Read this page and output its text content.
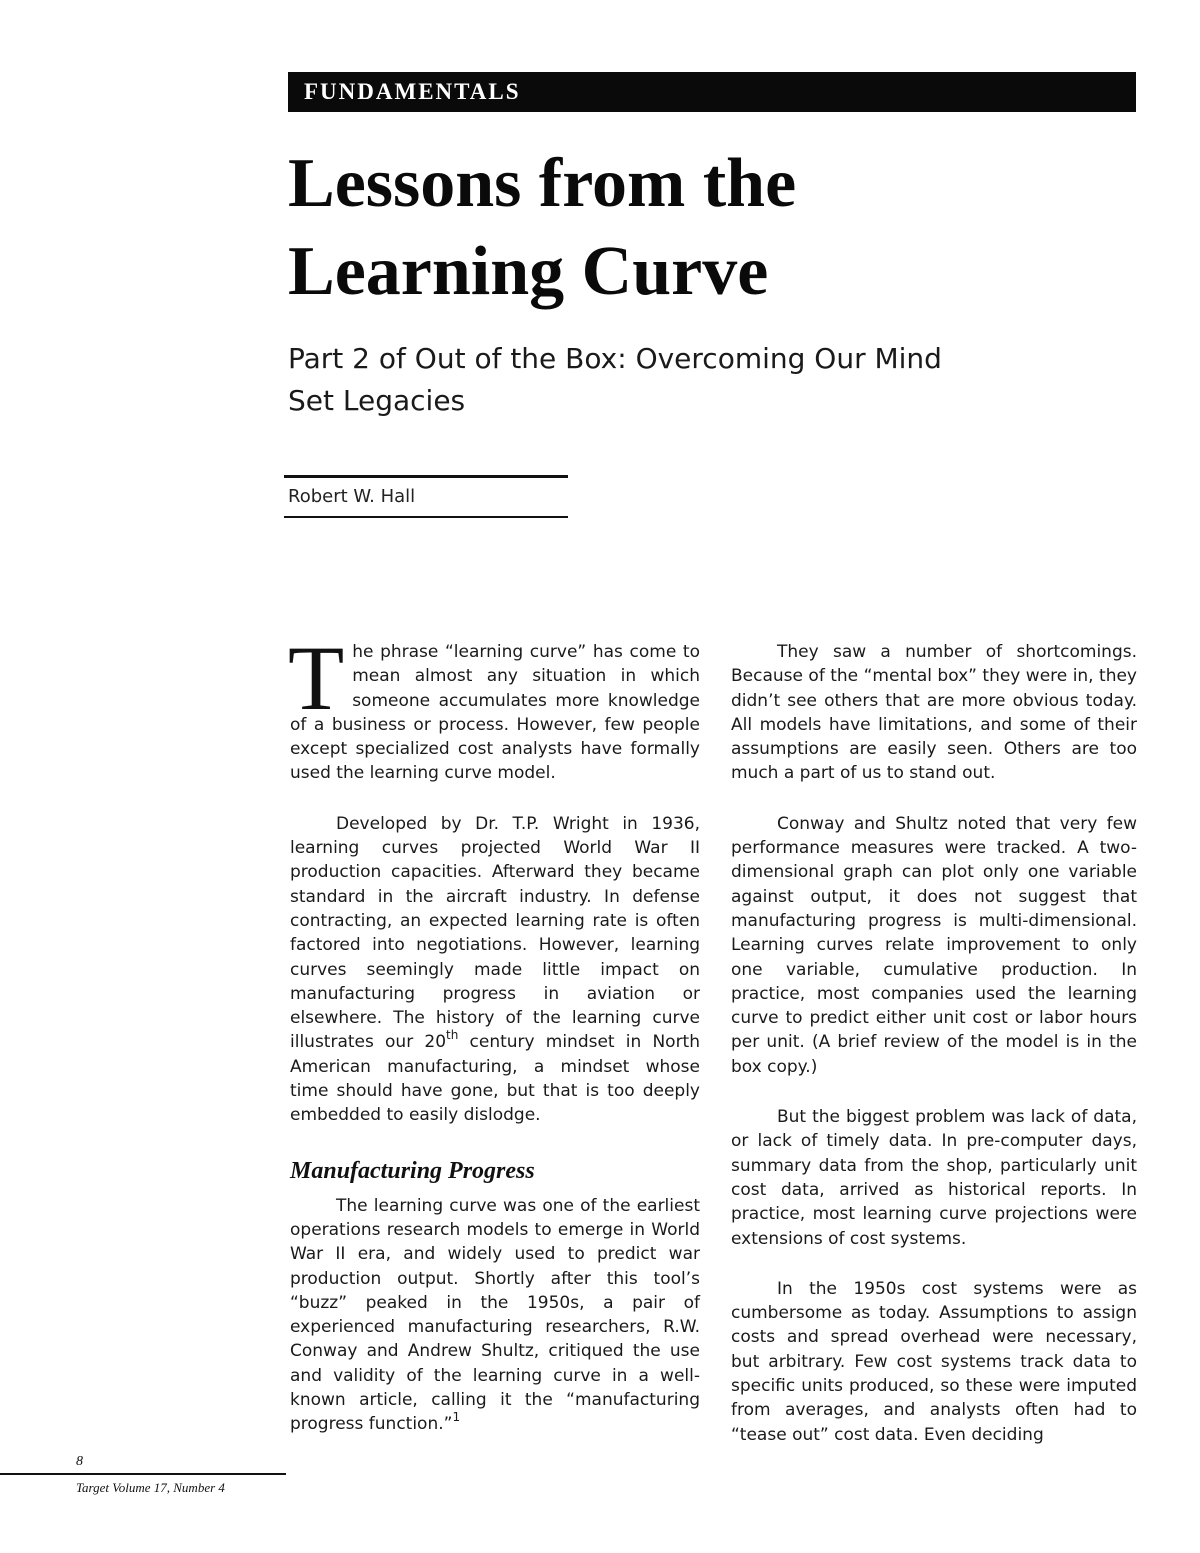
FUNDAMENTALS
Lessons from the
Learning Curve
Part 2 of Out of the Box: Overcoming Our Mind
Set Legacies
Robert W. Hall

The phrase “learning curve” has come to mean almost any situation in which someone accumulates more knowledge of a business or process. However, few people except specialized cost analysts have formally used the learning curve model.

Developed by Dr. T.P. Wright in 1936, learning curves projected World War II production capacities. Afterward they became standard in the aircraft industry. In defense contracting, an expected learning rate is often factored into negotiations. However, learning curves seemingly made little impact on manufacturing progress in aviation or elsewhere. The history of the learning curve illustrates our 20th century mindset in North American manufacturing, a mindset whose time should have gone, but that is too deeply embedded to easily dislodge.

Manufacturing Progress

The learning curve was one of the earliest operations research models to emerge in World War II era, and widely used to predict war production output. Shortly after this tool’s “buzz” peaked in the 1950s, a pair of experienced manufacturing researchers, R.W. Conway and Andrew Shultz, critiqued the use and validity of the learning curve in a well-known article, calling it the “manufacturing progress function.”$^1$

They saw a number of shortcomings. Because of the “mental box” they were in, they didn’t see others that are more obvious today. All models have limitations, and some of their assumptions are easily seen. Others are too much a part of us to stand out.

Conway and Shultz noted that very few performance measures were tracked. A two-dimensional graph can plot only one variable against output, it does not suggest that manufacturing progress is multi-dimensional. Learning curves relate improvement to only one variable, cumulative production. In practice, most companies used the learning curve to predict either unit cost or labor hours per unit. (A brief review of the model is in the box copy.)

But the biggest problem was lack of data, or lack of timely data. In pre-computer days, summary data from the shop, particularly unit cost data, arrived as historical reports. In practice, most learning curve projections were extensions of cost systems.

In the 1950s cost systems were as cumbersome as today. Assumptions to assign costs and spread overhead were necessary, but arbitrary. Few cost systems track data to specific units produced, so these were imputed from averages, and analysts often had to “tease out” cost data. Even deciding

8
Target Volume 17, Number 4
